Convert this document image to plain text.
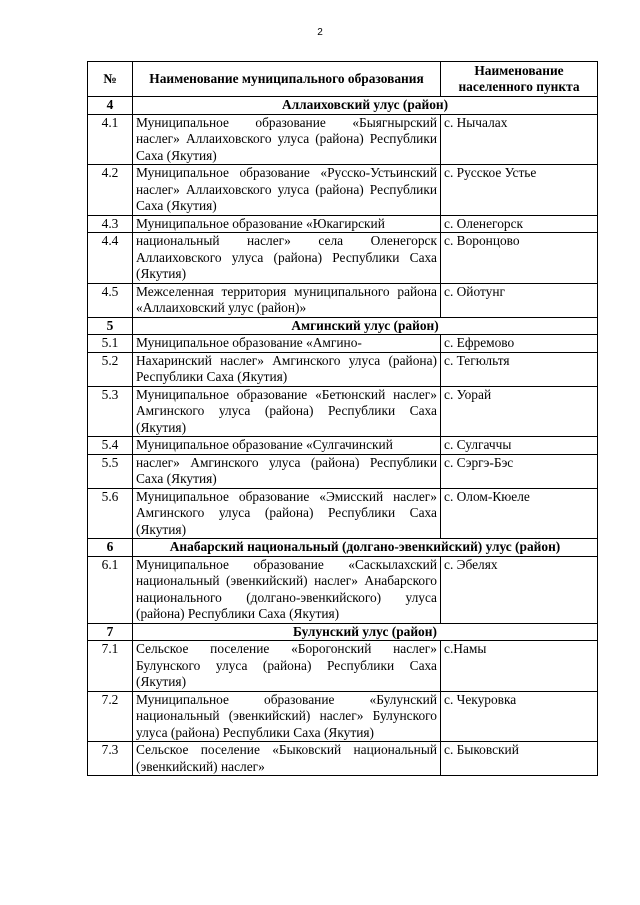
2
№	Наименование муниципального образования	Наименование населенного пункта
4	Аллаиховский улус (район)	
4.1	Муниципальное образование «Быягнырский наслег» Аллаиховского улуса (района) Республики Саха (Якутия)	с. Нычалах

4.2	Муниципальное образование «Русско-Устьинский наслег» Аллаиховского улуса (района) Республики Саха (Якутия)	с. Русское Устье

4.3	Муниципальное образование «Юкагирский	с. Оленегорск

4.4	национальный наслег» села Оленегорск Аллаиховского улуса (района) Республики Саха (Якутия)	с. Воронцово

4.5	Межселенная территория муниципального района «Аллаиховский улус (район)»	с. Ойотунг

5	Амгинский улус (район)	
5.1	Муниципальное образование «Амгино-	с. Ефремово

5.2	Нахаринский наслег» Амгинского улуса (района) Республики Саха (Якутия)	с. Тегюльтя

5.3	Муниципальное образование «Бетюнский наслег» Амгинского улуса (района) Республики Саха (Якутия)	с. Уорай

5.4	Муниципальное образование «Сулгачинский	с. Сулгаччы

5.5	наслег» Амгинского улуса (района) Республики Саха (Якутия)	с. Сэргэ-Бэс

5.6	Муниципальное образование «Эмисский наслег» Амгинского улуса (района) Республики Саха (Якутия)	с. Олом-Кюеле

6	Анабарский национальный (долгано-эвенкийский) улус (район)	
6.1	Муниципальное образование «Саскылахский национальный (эвенкийский) наслег» Анабарского национального (долгано-эвенкийского) улуса (района) Республики Саха (Якутия)	с. Эбелях

7	Булунский улус (район)	
7.1	Сельское поселение «Борогонский наслег» Булунского улуса (района) Республики Саха (Якутия)	с.Намы

7.2	Муниципальное образование «Булунский национальный (эвенкийский) наслег» Булунского улуса (района) Республики Саха (Якутия)	с. Чекуровка

7.3	Сельское поселение «Быковский национальный (эвенкийский) наслег»	с. Быковский
